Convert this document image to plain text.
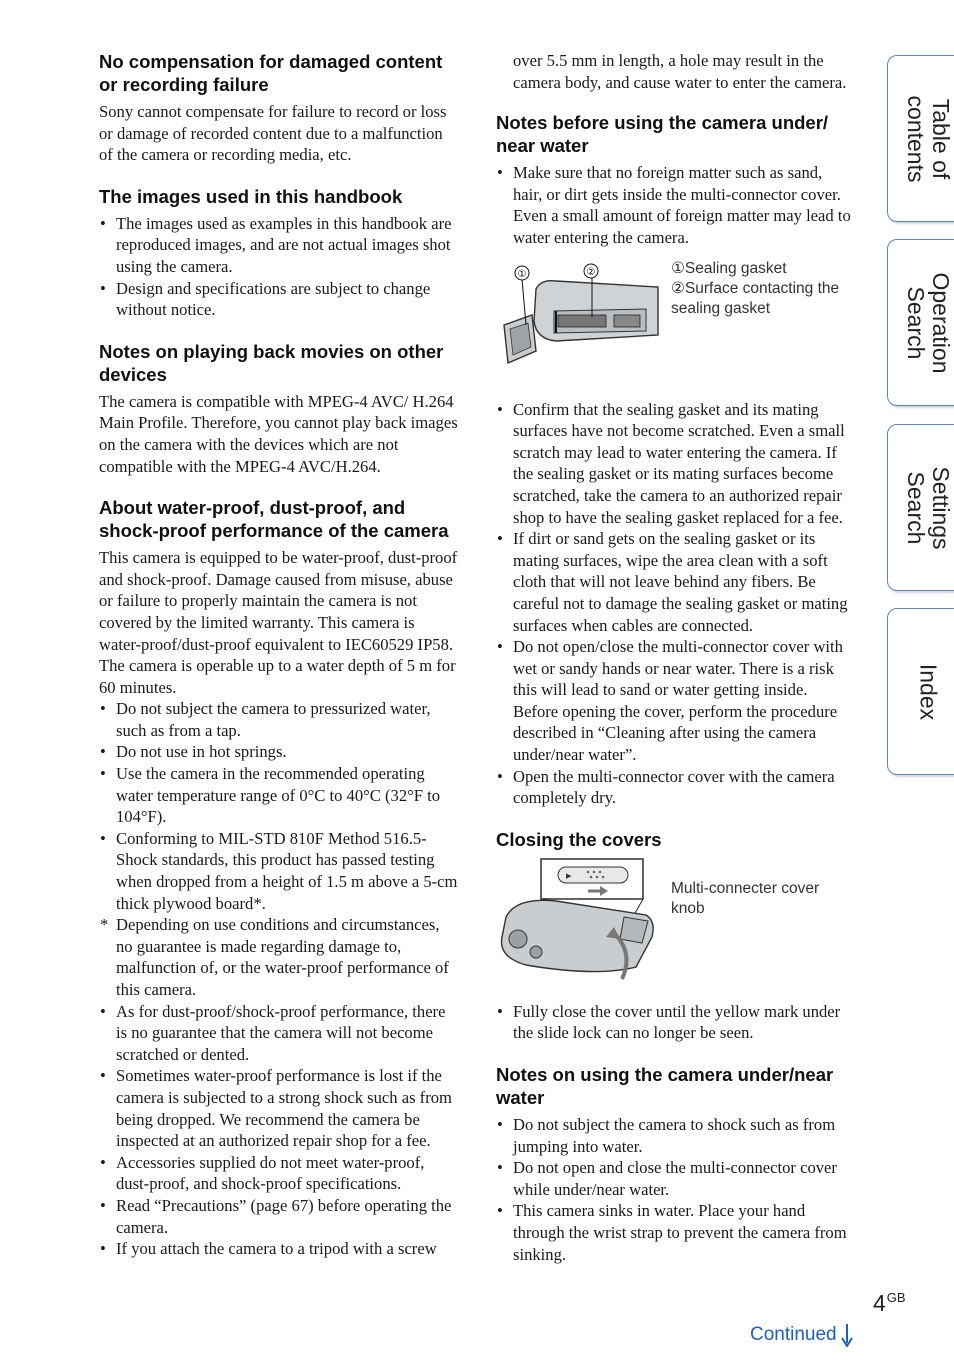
No compensation for damaged content or recording failure

Sony cannot compensate for failure to record or loss or damage of recorded content due to a malfunction of the camera or recording media, etc.

The images used in this handbook
• The images used as examples in this handbook are reproduced images, and are not actual images shot using the camera.
• Design and specifications are subject to change without notice.
Notes on playing back movies on other devices

The camera is compatible with MPEG-4 AVC/ H.264 Main Profile. Therefore, you cannot play back images on the camera with the devices which are not compatible with the MPEG-4 AVC/H.264.

About water-proof, dust-proof, and shock-proof performance of the camera

This camera is equipped to be water-proof, dust-proof and shock-proof. Damage caused from misuse, abuse or failure to properly maintain the camera is not covered by the limited warranty. This camera is water-proof/dust-proof equivalent to IEC60529 IP58. The camera is operable up to a water depth of 5 m for 60 minutes.

• Do not subject the camera to pressurized water, such as from a tap.
• Do not use in hot springs.
• Use the camera in the recommended operating water temperature range of 0°C to 40°C (32°F to 104°F).
• Conforming to MIL-STD 810F Method 516.5-Shock standards, this product has passed testing when dropped from a height of 1.5 m above a 5-cm thick plywood board*.
* Depending on use conditions and circumstances, no guarantee is made regarding damage to, malfunction of, or the water-proof performance of this camera.
• As for dust-proof/shock-proof performance, there is no guarantee that the camera will not become scratched or dented.
• Sometimes water-proof performance is lost if the camera is subjected to a strong shock such as from being dropped. We recommend the camera be inspected at an authorized repair shop for a fee.
• Accessories supplied do not meet water-proof, dust-proof, and shock-proof specifications.
• Read “Precautions” (page 67) before operating the camera.
• If you attach the camera to a tripod with a screw

over 5.5 mm in length, a hole may result in the camera body, and cause water to enter the camera.

Notes before using the camera under/ near water
• Make sure that no foreign matter such as sand, hair, or dirt gets inside the multi-connector cover. Even a small amount of foreign matter may lead to water entering the camera.
①	②	①Sealing gasket
②Surface contacting the sealing gasket
• Confirm that the sealing gasket and its mating surfaces have not become scratched. Even a small scratch may lead to water entering the camera. If the sealing gasket or its mating surfaces become scratched, take the camera to an authorized repair shop to have the sealing gasket replaced for a fee.
• If dirt or sand gets on the sealing gasket or its mating surfaces, wipe the area clean with a soft cloth that will not leave behind any fibers. Be careful not to damage the sealing gasket or mating surfaces when cables are connected.
• Do not open/close the multi-connector cover with wet or sandy hands or near water. There is a risk this will lead to sand or water getting inside. Before opening the cover, perform the procedure described in “Cleaning after using the camera under/near water”.
• Open the multi-connector cover with the camera completely dry.
Closing the covers
▸
Multi-connecter cover knob
• Fully close the cover until the yellow mark under the slide lock can no longer be seen.
Notes on using the camera under/near water
• Do not subject the camera to shock such as from jumping into water.
• Do not open and close the multi-connector cover while under/near water.
• This camera sinks in water. Place your hand through the wrist strap to prevent the camera from sinking.
Table of
contents
Operation
Search
Settings
Search
Index
$4^{GB}$
Continued
